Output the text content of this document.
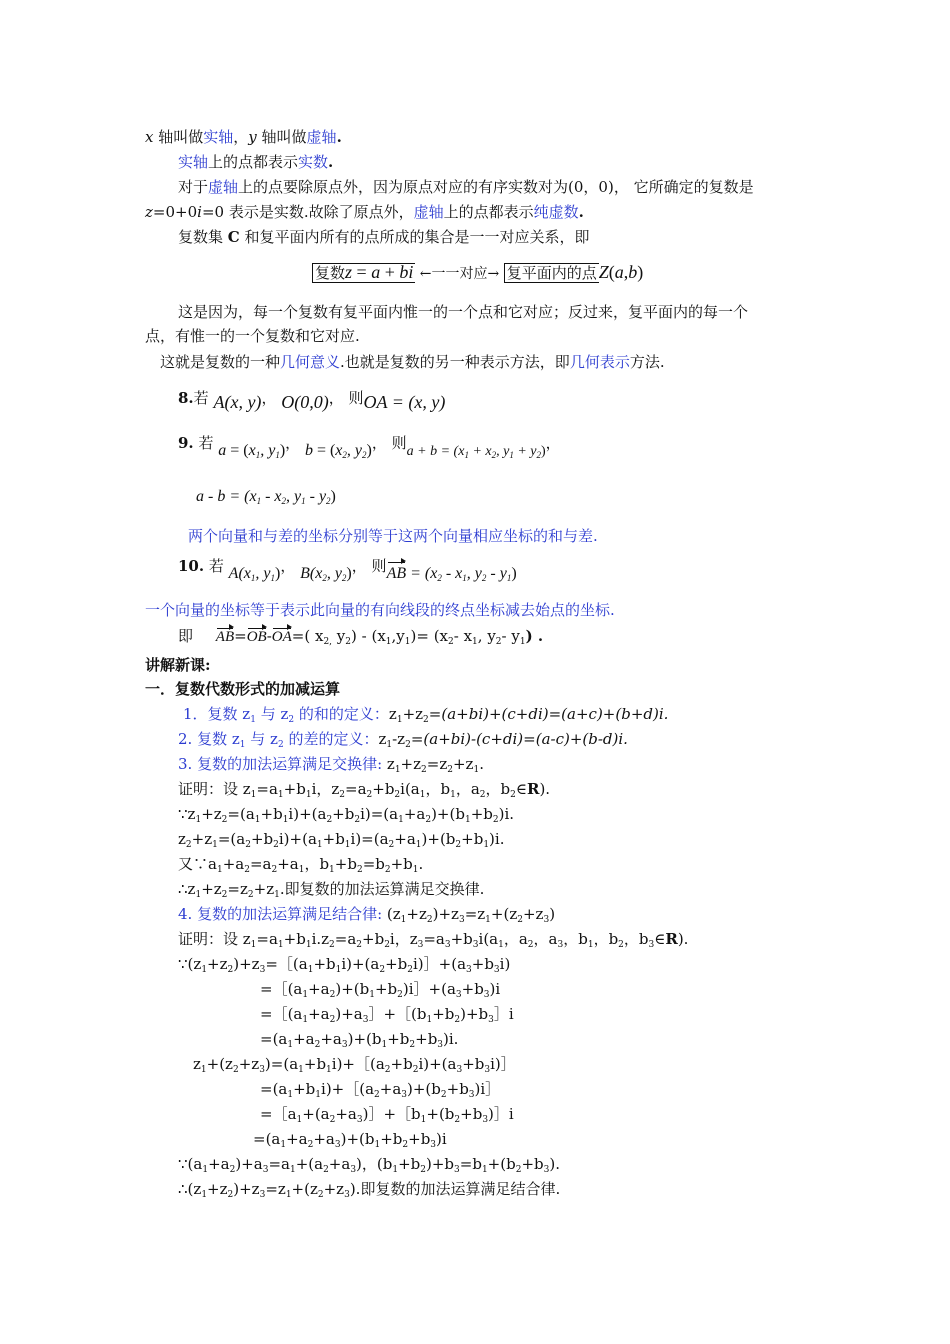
x 轴叫做实轴，y 轴叫做虚轴.
实轴上的点都表示实数.
对于虚轴上的点要除原点外，因为原点对应的有序实数对为(0，0)， 它所确定的复数是
z=0+0i=0 表示是实数.故除了原点外，虚轴上的点都表示纯虚数.
复数集 C 和复平面内所有的点所成的集合是一一对应关系，即
复数z = a + bi ←一一对应→ 复平面内的点 Z(a,b)
这是因为，每一个复数有复平面内惟一的一个点和它对应；反过来，复平面内的每一个
点，有惟一的一个复数和它对应.
这就是复数的一种几何意义.也就是复数的另一种表示方法，即几何表示方法.
8.若 A(x, y)， O(0,0)， 则OA = (x, y)
9. 若 $a = (x_1$, $y_1$)， $b = (x_2$, $y_2$)， 则$a + b = (x_1 + x_2$, $y_1 + y_2$)，
$a - b = (x_1 - x_2$, $y_1 - y_2$)
两个向量和与差的坐标分别等于这两个向量相应坐标的和与差.
10. 若 $A(x_1$, $y_1$)， $B(x_2$, $y_2$)， 则AB = ($x_2 - x_1$, $y_2 - y_1$)
一个向量的坐标等于表示此向量的有向线段的终点坐标减去始点的坐标.
即 AB=OB-OA=( $x_{2,}$ $y_2) - (x_1,y_1)= (x_2-$ $x_1$, $y_2-$ $y_1$) .
讲解新课:
一．复数代数形式的加减运算
1．复数 $z_1$ 与 $z_2$ 的和的定义：$z_1+z_2=(a+bi)+(c+di)=(a+c)+(b+d)i$.
2. 复数 $z_1$ 与 $z_2$ 的差的定义：$z_1-z_2=(a+bi)-(c+di)=(a-c)+(b-d)i$.
3. 复数的加法运算满足交换律: $z_1+z_2=z_2+z_1$.
证明：设 $z_1=a_1+b_1i$，$z_2=a_2+b_2i(a_1$，$b_1$，$a_2$，$b_2\in R$).
$\because z_1+z_2=(a_1+b_1i)+(a_2+b_2i)=(a_1+a_2)+(b_1+b_2)i$.
$z_2+z_1=(a_2+b_2i)+(a_1+b_1i)=(a_2+a_1)+(b_2+b_1)i$.
又$\because a_1+a_2=a_2+a_1$，$b_1+b_2=b_2+b_1$.
$\therefore z_1+z_2=z_2+z_1$.即复数的加法运算满足交换律.
4. 复数的加法运算满足结合律: $(z_1+z_2)+z_3=z_1+(z_2+z_3)$
证明：设 $z_1=a_1+b_1i.z_2=a_2+b_2i$，$z_3=a_3+b_3i(a_1$，$a_2$，$a_3$，$b_1$，$b_2$，$b_3\in R$).
$\because(z_1+z_2)+z_3=[(a_1+b_1i)+(a_2+b_2i)]+(a_3+b_3i)$
$=[(a_1+a_2)+(b_1+b_2)i]+(a_3+b_3)i$
$=[(a_1+a_2)+a_3]+[(b_1+b_2)+b_3]i$
$=(a_1+a_2+a_3)+(b_1+b_2+b_3)i$.
$z_1+(z_2+z_3)=(a_1+b_1i)+[(a_2+b_2i)+(a_3+b_3i)]$
$=(a_1+b_1i)+[(a_2+a_3)+(b_2+b_3)i]$
$=[a_1+(a_2+a_3)]+[b_1+(b_2+b_3)]i$
$=(a_1+a_2+a_3)+(b_1+b_2+b_3)i$
$\because(a_1+a_2)+a_3=a_1+(a_2+a_3)$，$(b_1+b_2)+b_3=b_1+(b_2+b_3)$.
$\therefore(z_1+z_2)+z_3=z_1+(z_2+z_3)$.即复数的加法运算满足结合律.
